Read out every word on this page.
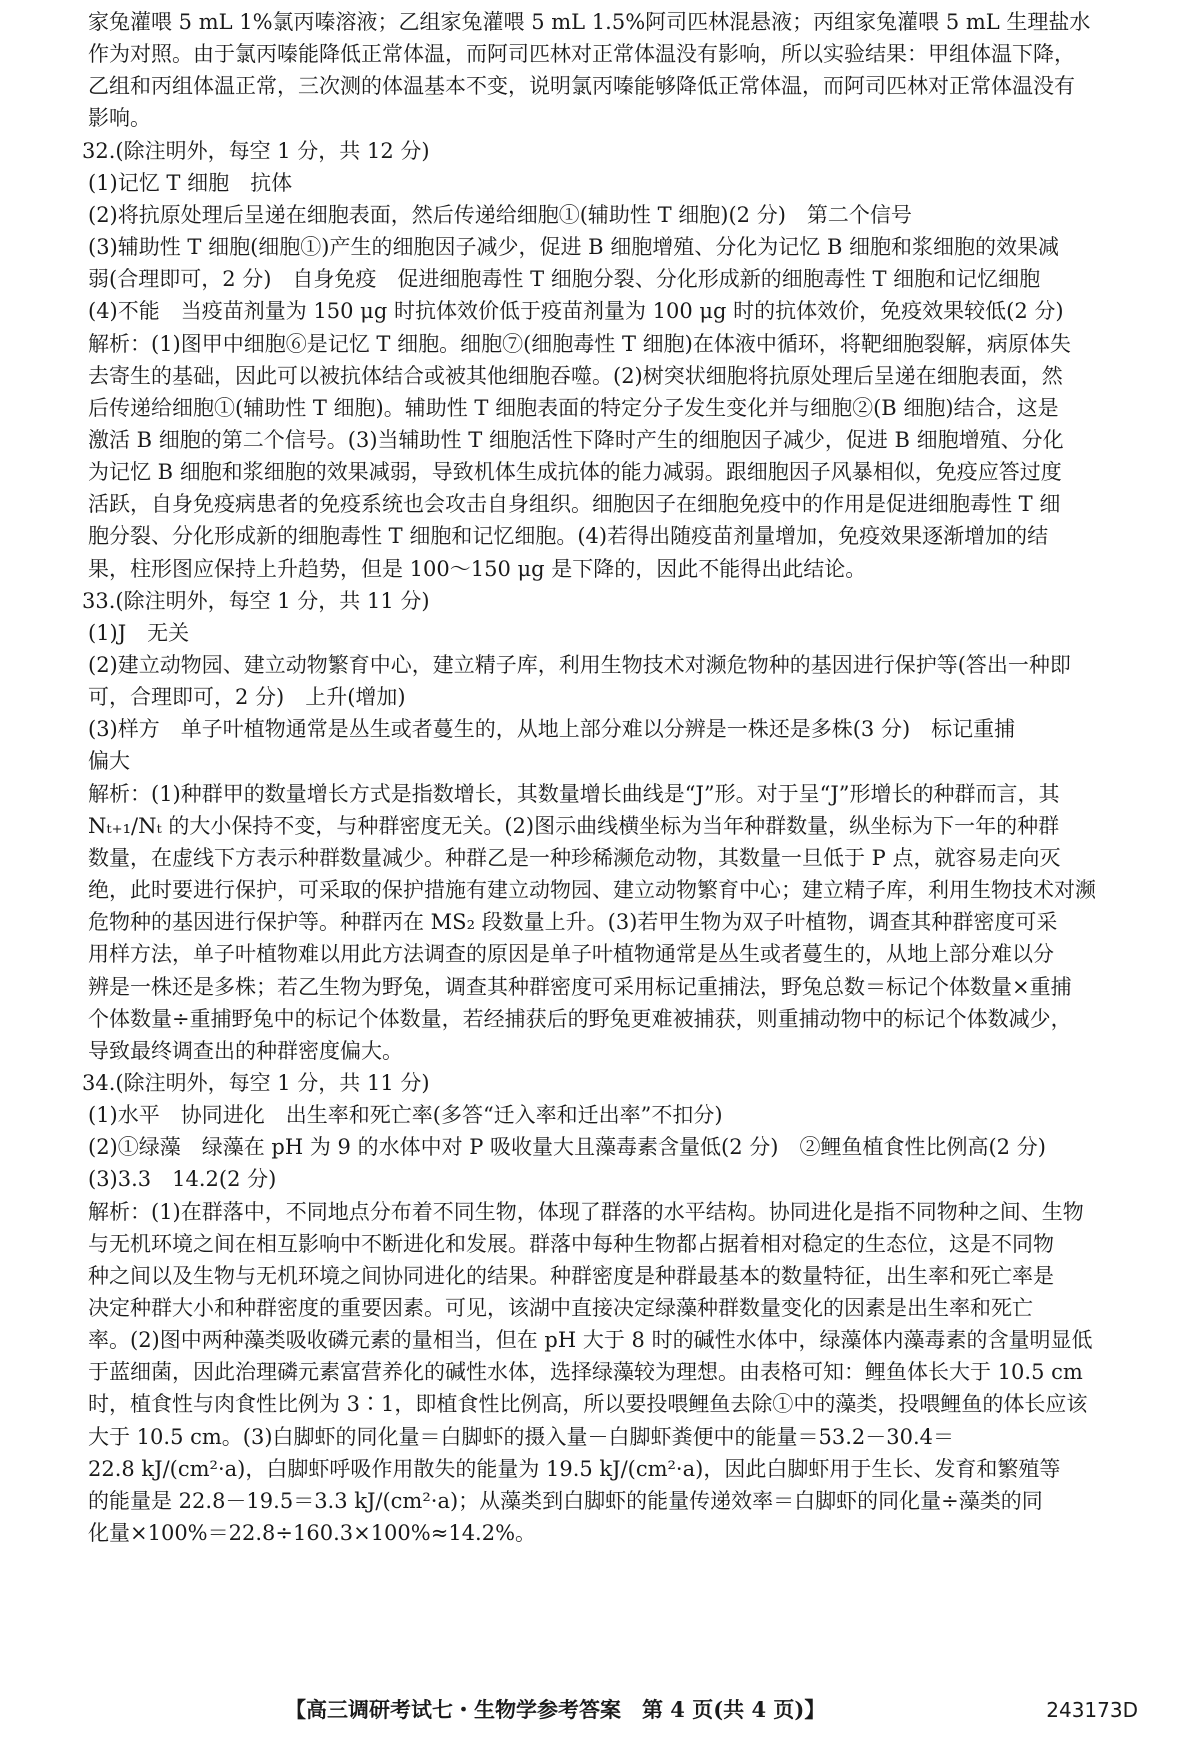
家兔灌喂 5 mL 1%氯丙嗪溶液；乙组家兔灌喂 5 mL 1.5%阿司匹林混悬液；丙组家兔灌喂 5 mL 生理盐水
作为对照。由于氯丙嗪能降低正常体温，而阿司匹林对正常体温没有影响，所以实验结果：甲组体温下降，
乙组和丙组体温正常，三次测的体温基本不变，说明氯丙嗪能够降低正常体温，而阿司匹林对正常体温没有
影响。
32.(除注明外，每空 1 分，共 12 分)
(1)记忆 T 细胞　抗体
(2)将抗原处理后呈递在细胞表面，然后传递给细胞①(辅助性 T 细胞)(2 分)　第二个信号
(3)辅助性 T 细胞(细胞①)产生的细胞因子减少，促进 B 细胞增殖、分化为记忆 B 细胞和浆细胞的效果减
弱(合理即可，2 分)　自身免疫　促进细胞毒性 T 细胞分裂、分化形成新的细胞毒性 T 细胞和记忆细胞
(4)不能　当疫苗剂量为 150 μg 时抗体效价低于疫苗剂量为 100 μg 时的抗体效价，免疫效果较低(2 分)
解析：(1)图甲中细胞⑥是记忆 T 细胞。细胞⑦(细胞毒性 T 细胞)在体液中循环，将靶细胞裂解，病原体失
去寄生的基础，因此可以被抗体结合或被其他细胞吞噬。(2)树突状细胞将抗原处理后呈递在细胞表面，然
后传递给细胞①(辅助性 T 细胞)。辅助性 T 细胞表面的特定分子发生变化并与细胞②(B 细胞)结合，这是
激活 B 细胞的第二个信号。(3)当辅助性 T 细胞活性下降时产生的细胞因子减少，促进 B 细胞增殖、分化
为记忆 B 细胞和浆细胞的效果减弱，导致机体生成抗体的能力减弱。跟细胞因子风暴相似，免疫应答过度
活跃，自身免疫病患者的免疫系统也会攻击自身组织。细胞因子在细胞免疫中的作用是促进细胞毒性 T 细
胞分裂、分化形成新的细胞毒性 T 细胞和记忆细胞。(4)若得出随疫苗剂量增加，免疫效果逐渐增加的结
果，柱形图应保持上升趋势，但是 100～150 μg 是下降的，因此不能得出此结论。
33.(除注明外，每空 1 分，共 11 分)
(1)J　无关
(2)建立动物园、建立动物繁育中心，建立精子库，利用生物技术对濒危物种的基因进行保护等(答出一种即
可，合理即可，2 分)　上升(增加)
(3)样方　单子叶植物通常是丛生或者蔓生的，从地上部分难以分辨是一株还是多株(3 分)　标记重捕
偏大
解析：(1)种群甲的数量增长方式是指数增长，其数量增长曲线是“J”形。对于呈“J”形增长的种群而言，其
Nₜ₊₁/Nₜ 的大小保持不变，与种群密度无关。(2)图示曲线横坐标为当年种群数量，纵坐标为下一年的种群
数量，在虚线下方表示种群数量减少。种群乙是一种珍稀濒危动物，其数量一旦低于 P 点，就容易走向灭
绝，此时要进行保护，可采取的保护措施有建立动物园、建立动物繁育中心；建立精子库，利用生物技术对濒
危物种的基因进行保护等。种群丙在 MS₂ 段数量上升。(3)若甲生物为双子叶植物，调查其种群密度可采
用样方法，单子叶植物难以用此方法调查的原因是单子叶植物通常是丛生或者蔓生的，从地上部分难以分
辨是一株还是多株；若乙生物为野兔，调查其种群密度可采用标记重捕法，野兔总数＝标记个体数量×重捕
个体数量÷重捕野兔中的标记个体数量，若经捕获后的野兔更难被捕获，则重捕动物中的标记个体数减少，
导致最终调查出的种群密度偏大。
34.(除注明外，每空 1 分，共 11 分)
(1)水平　协同进化　出生率和死亡率(多答“迁入率和迁出率”不扣分)
(2)①绿藻　绿藻在 pH 为 9 的水体中对 P 吸收量大且藻毒素含量低(2 分)　②鲤鱼植食性比例高(2 分)
(3)3.3　14.2(2 分)
解析：(1)在群落中，不同地点分布着不同生物，体现了群落的水平结构。协同进化是指不同物种之间、生物
与无机环境之间在相互影响中不断进化和发展。群落中每种生物都占据着相对稳定的生态位，这是不同物
种之间以及生物与无机环境之间协同进化的结果。种群密度是种群最基本的数量特征，出生率和死亡率是
决定种群大小和种群密度的重要因素。可见，该湖中直接决定绿藻种群数量变化的因素是出生率和死亡
率。(2)图中两种藻类吸收磷元素的量相当，但在 pH 大于 8 时的碱性水体中，绿藻体内藻毒素的含量明显低
于蓝细菌，因此治理磷元素富营养化的碱性水体，选择绿藻较为理想。由表格可知：鲤鱼体长大于 10.5 cm
时，植食性与肉食性比例为 3∶1，即植食性比例高，所以要投喂鲤鱼去除①中的藻类，投喂鲤鱼的体长应该
大于 10.5 cm。(3)白脚虾的同化量＝白脚虾的摄入量－白脚虾粪便中的能量＝53.2－30.4＝
22.8 kJ/(cm²·a)，白脚虾呼吸作用散失的能量为 19.5 kJ/(cm²·a)，因此白脚虾用于生长、发育和繁殖等
的能量是 22.8－19.5＝3.3 kJ/(cm²·a)；从藻类到白脚虾的能量传递效率＝白脚虾的同化量÷藻类的同
化量×100%＝22.8÷160.3×100%≈14.2%。
【高三调研考试七・生物学参考答案　第 4 页(共 4 页)】	243173D
